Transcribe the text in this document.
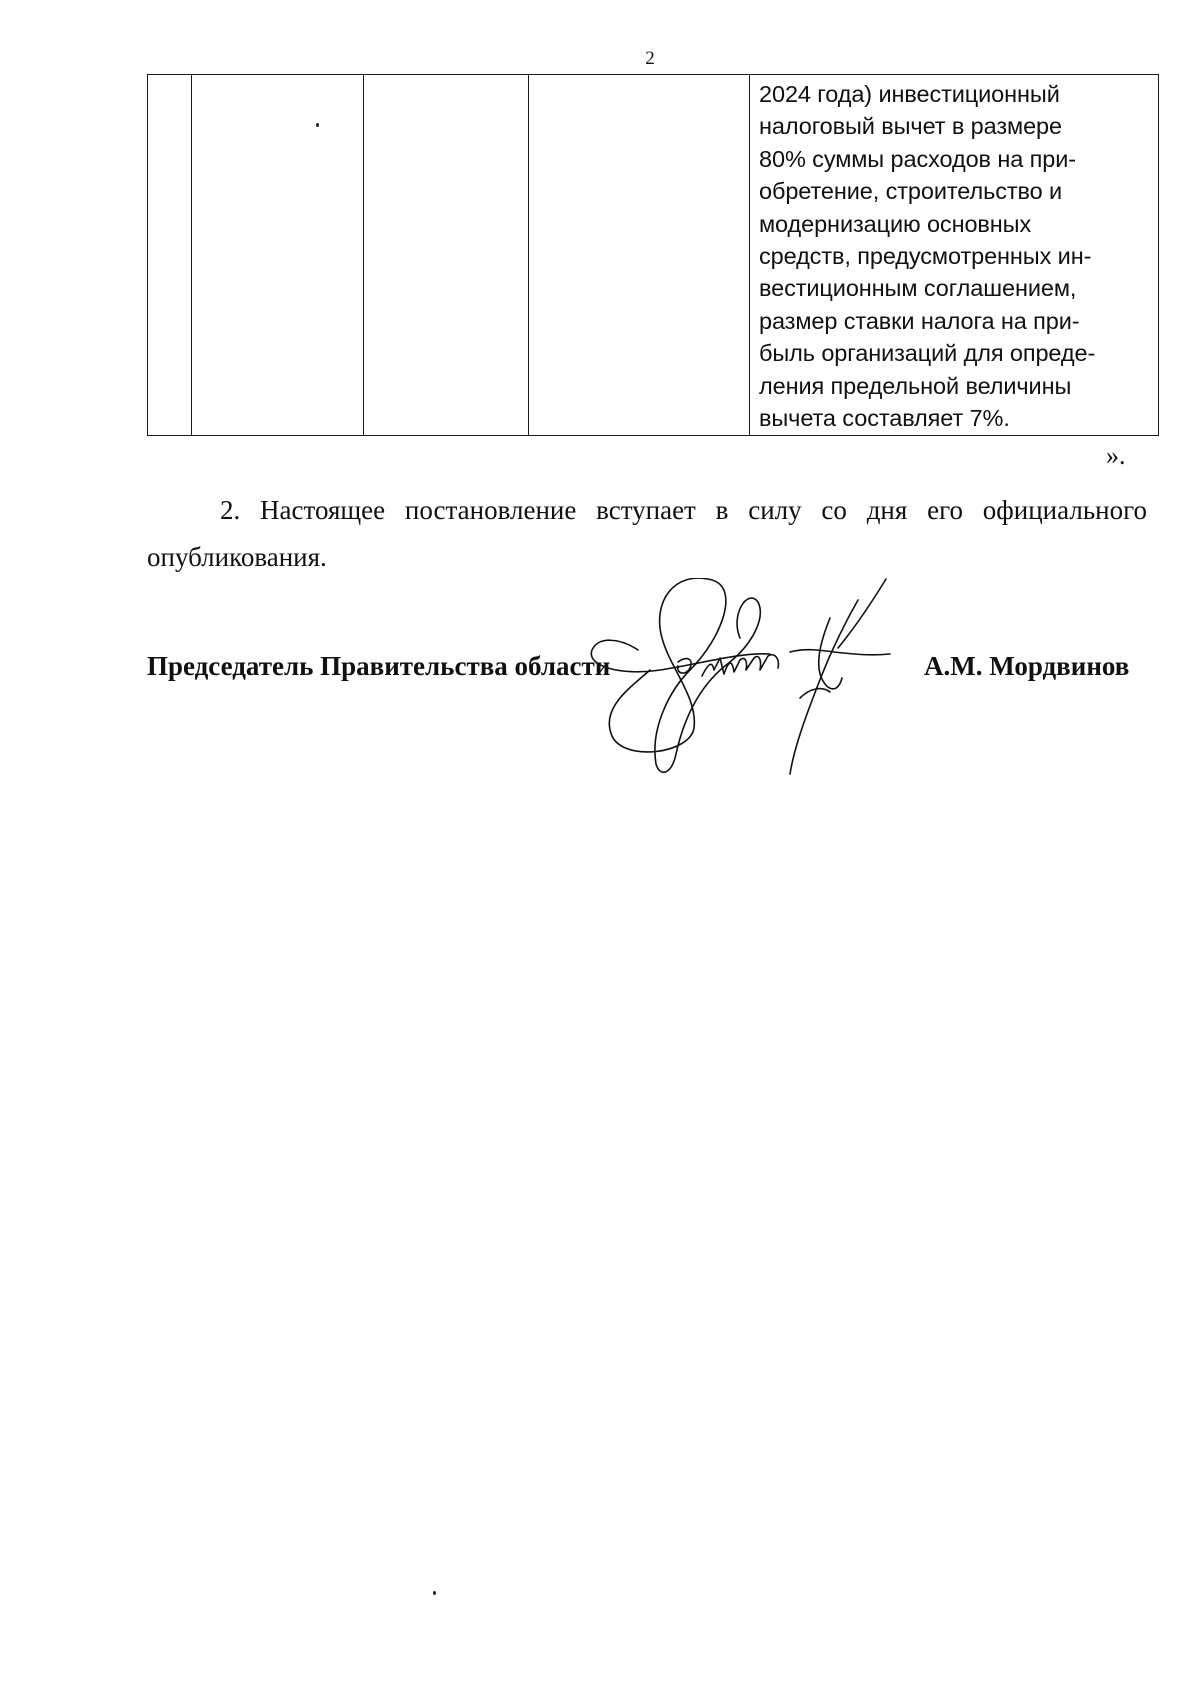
2

2024 года) инвестиционный
налоговый вычет в размере
80% суммы расходов на при-
обретение, строительство и
модернизацию основных
средств, предусмотренных ин-
вестиционным соглашением,
размер ставки налога на при-
быль организаций для опреде-
ления предельной величины
вычета составляет 7%.
».
2. Настоящее постановление вступает в силу со дня его официального опубликования.
Председатель Правительства области	А.М. Мордвинов
